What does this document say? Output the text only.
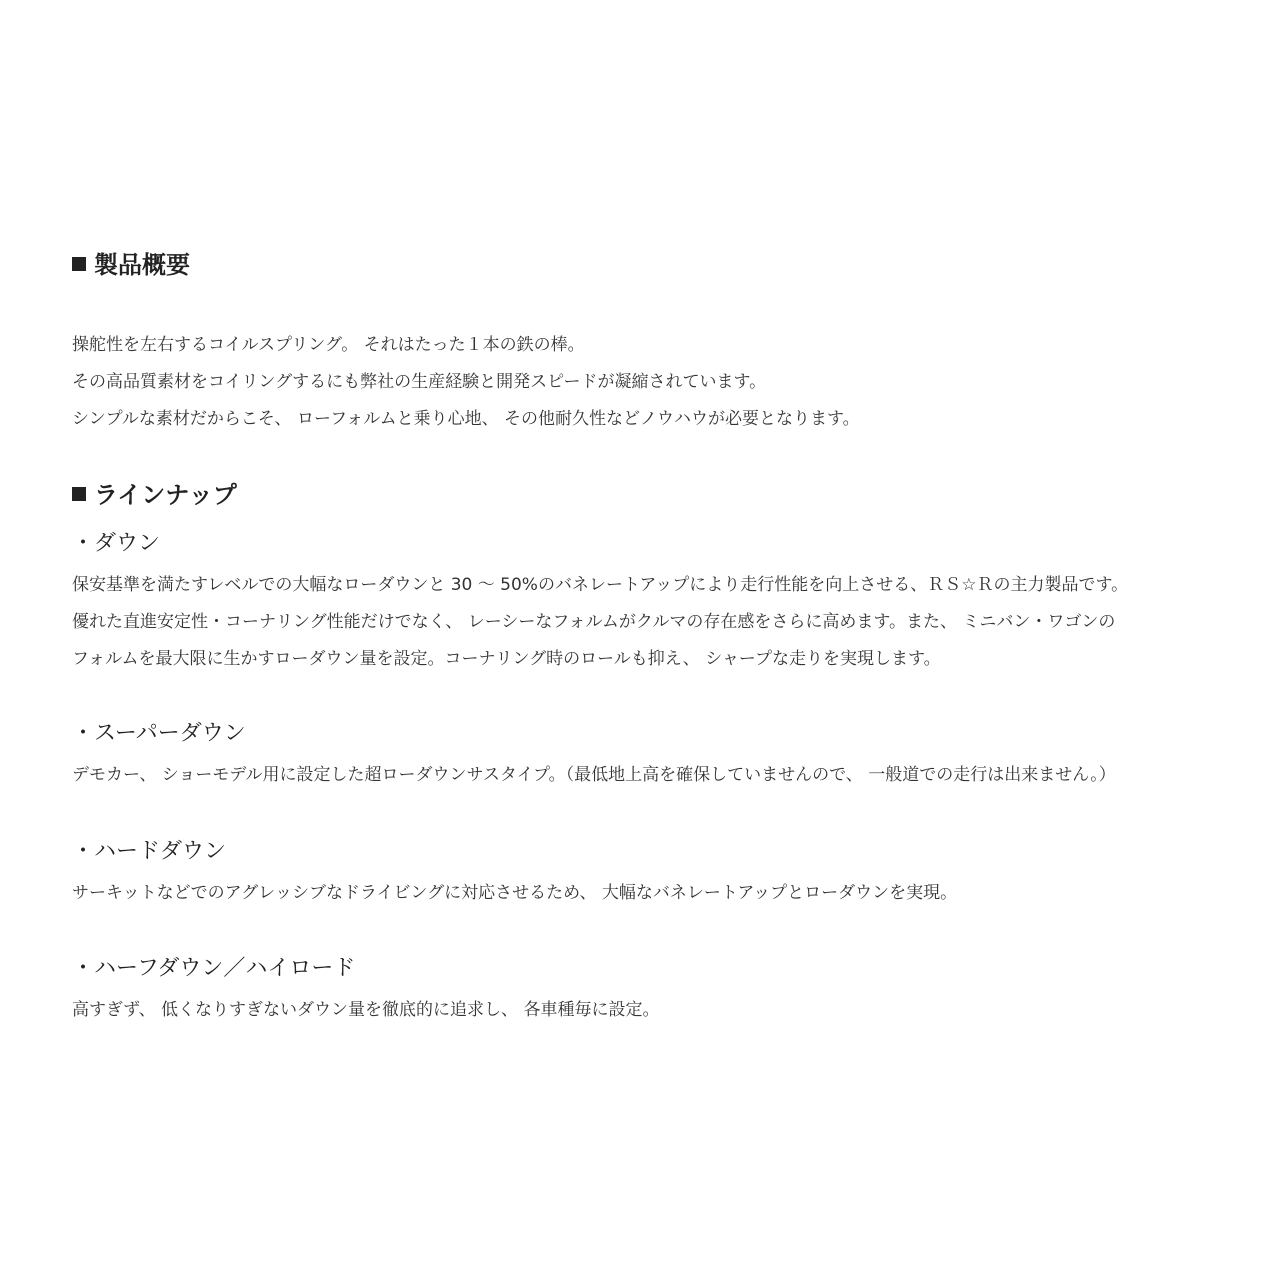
製品概要
操舵性を左右するコイルスプリング。 それはたった１本の鉄の棒。
その高品質素材をコイリングするにも弊社の生産経験と開発スピードが凝縮されています。
シンプルな素材だからこそ、 ローフォルムと乗り心地、 その他耐久性などノウハウが必要となります。
ラインナップ
・ダウン
保安基準を満たすレベルでの大幅なローダウンと 30 ～ 50%のバネレートアップにより走行性能を向上させる、ＲＳ☆Ｒの主力製品です。
優れた直進安定性・コーナリング性能だけでなく、 レーシーなフォルムがクルマの存在感をさらに高めます。また、 ミニバン・ワゴンの
フォルムを最大限に生かすローダウン量を設定。コーナリング時のロールも抑え、 シャープな走りを実現します。
・スーパーダウン
デモカー、 ショーモデル用に設定した超ローダウンサスタイプ。（最低地上高を確保していませんので、 一般道での走行は出来ません。）
・ハードダウン
サーキットなどでのアグレッシブなドライビングに対応させるため、 大幅なバネレートアップとローダウンを実現。
・ハーフダウン／ハイロード
高すぎず、 低くなりすぎないダウン量を徹底的に追求し、 各車種毎に設定。
